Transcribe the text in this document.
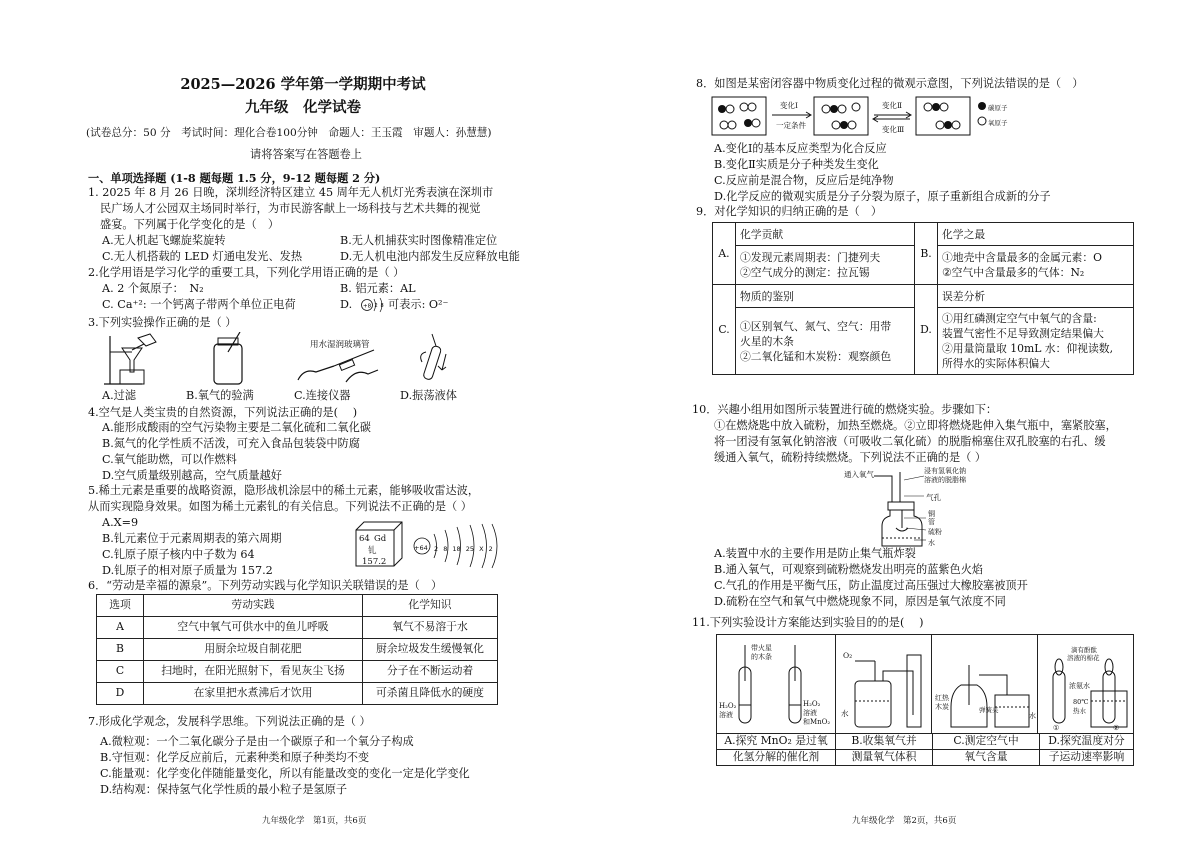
2025—2026 学年第一学期期中考试
九年级　化学试卷
(试卷总分：50 分　考试时间：理化合卷100分钟　命题人：王玉霞　审题人：孙慧慧)
请将答案写在答题卷上
一、单项选择题 (1-8 题每题 1.5 分，9-12 题每题 2 分)
1. 2025 年 8 月 26 日晚，深圳经济特区建立 45 周年无人机灯光秀表演在深圳市
民广场人才公园双主场同时举行，为市民游客献上一场科技与艺术共舞的视觉
盛宴。下列属于化学变化的是（　）
A.无人机起飞螺旋桨旋转	B.无人机捕获实时图像精准定位
C.无人机搭载的 LED 灯通电发光、发热	D.无人机电池内部发生反应释放电能
2.化学用语是学习化学的重要工具，下列化学用语正确的是（ ）
A. 2 个氮原子：　N₂	B. 铝元素：AL
C. Ca⁺²: 一个钙离子带两个单位正电荷	D. +8 2 8 可表示: O²⁻
3.下列实验操作正确的是（ ）
用水湿润玻璃管
A.过滤	B.氧气的验满	C.连接仪器	D.振荡液体
4.空气是人类宝贵的自然资源，下列说法正确的是(　 )
A.能形成酸雨的空气污染物主要是二氧化硫和二氧化碳
B.氮气的化学性质不活泼，可充入食品包装袋中防腐
C.氧气能助燃，可以作燃料
D.空气质量级别越高，空气质量越好
5.稀土元素是重要的战略资源，隐形战机涂层中的稀土元素，能够吸收雷达波，
从而实现隐身效果。如图为稀土元素钆的有关信息。下列说法不正确的是（ ）
A.X=9
B.钆元素位于元素周期表的第六周期
C.钆原子原子核内中子数为 64
D.钆原子的相对原子质量为 157.2
64 Gd
钆
157.2
+64 2 8 18 25 X 2
6．“劳动是幸福的源泉”。下列劳动实践与化学知识关联错误的是（　）
选项	劳动实践	化学知识
A	空气中氧气可供水中的鱼儿呼吸	氧气不易溶于水
B	用厨余垃圾自制花肥	厨余垃圾发生缓慢氧化
C	扫地时，在阳光照射下，看见灰尘飞扬	分子在不断运动着
D	在家里把水煮沸后才饮用	可杀菌且降低水的硬度
7.形成化学观念，发展科学思维。下列说法正确的是（ ）
A.微粒观：一个二氧化碳分子是由一个碳原子和一个氧分子构成
B.守恒观：化学反应前后，元素种类和原子种类均不变
C.能量观：化学变化伴随能量变化，所以有能量改变的变化一定是化学变化
D.结构观：保持氢气化学性质的最小粒子是氢原子
九年级化学　第1页，共6页
8．如图是某密闭容器中物质变化过程的微观示意图，下列说法错误的是（　）
变化Ⅰ
一定条件
变化Ⅱ
变化Ⅲ
碳原子
氧原子
A.变化Ⅰ的基本反应类型为化合反应
B.变化Ⅱ实质是分子种类发生变化
C.反应前是混合物，反应后是纯净物
D.化学反应的微观实质是分子分裂为原子，原子重新组合成新的分子
9．对化学知识的归纳正确的是（　）
A.	化学贡献	B.	化学之最
	①发现元素周期表：门捷列夫
②空气成分的测定：拉瓦锡		①地壳中含量最多的金属元素：O
②空气中含量最多的气体：N₂
C.	物质的鉴别	D.	误差分析
	①区别氧气、氮气、空气：用带
火星的木条
②二氧化锰和木炭粉：观察颜色		①用红磷测定空气中氧气的含量:
装置气密性不足导致测定结果偏大
②用量筒量取 10mL 水：仰视读数,
所得水的实际体积偏大
10．兴趣小组用如图所示装置进行硫的燃烧实验。步骤如下：
①在燃烧匙中放入硫粉，加热至燃烧。②立即将燃烧匙伸入集气瓶中，塞紧胶塞，
将一团浸有氢氧化钠溶液（可吸收二氧化硫）的脱脂棉塞住双孔胶塞的右孔、缓
缓通入氧气，硫粉持续燃烧。下列说法不正确的是（ ）
通入氧气	浸有氢氧化钠
溶液的脱脂棉
气孔
铜
管
硫粉
水
A.装置中水的主要作用是防止集气瓶炸裂
B.通入氧气，可观察到硫粉燃烧发出明亮的蓝紫色火焰
C.气孔的作用是平衡气压，防止温度过高压强过大橡胶塞被顶开
D.硫粉在空气和氧气中燃烧现象不同，原因是氧气浓度不同
11.下列实验设计方案能达到实验目的的是(　 )
带火星
的木条
H₂O₂
溶液
H₂O₂
溶液
和MnO₂
O₂
水
红热
木炭	弹簧夹
水
滴有酚酞
溶液的棉花
浓氨水
80℃
热水
①	②
A.探究 MnO₂ 是过氧	B.收集氧气并	C.测定空气中	D.探究温度对分
化氢分解的催化剂	测量氧气体积	氧气含量	子运动速率影响
九年级化学　第2页，共6页
